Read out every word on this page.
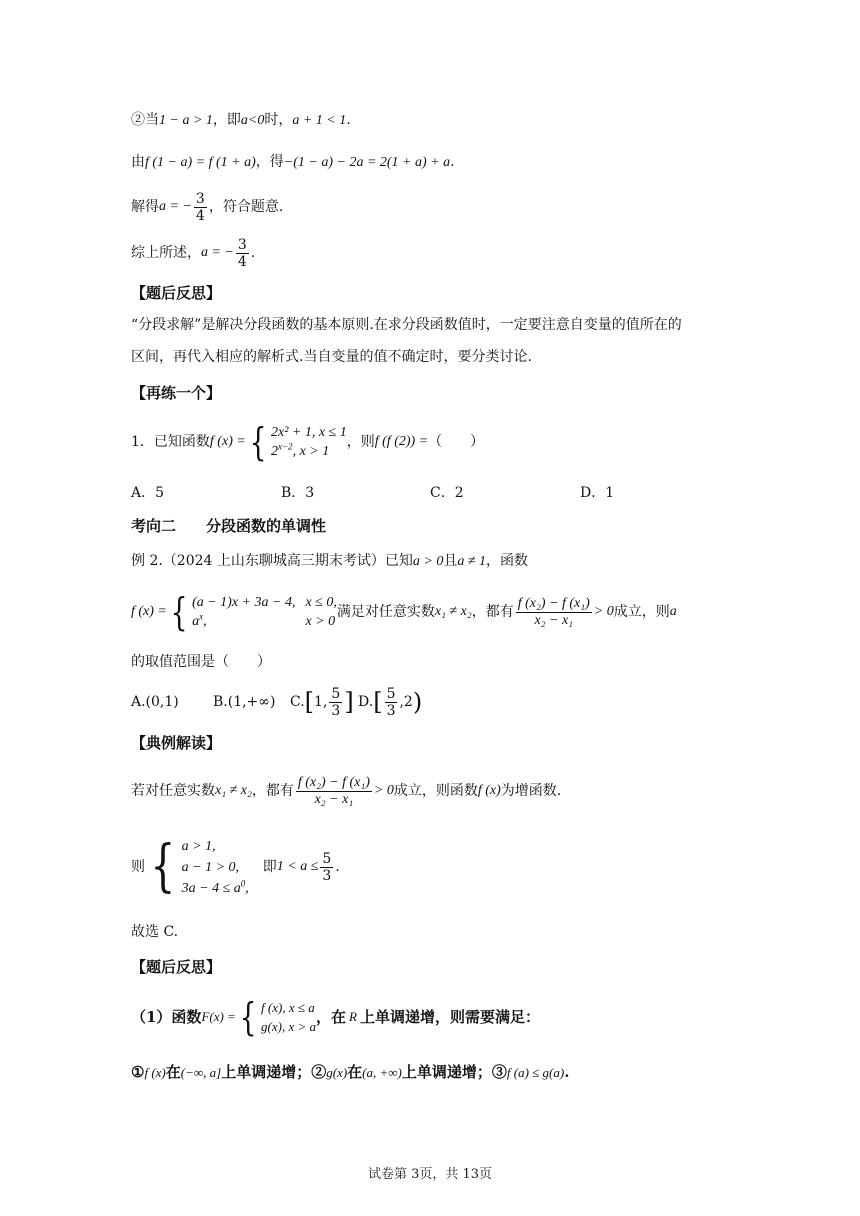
②当1 − a > 1，即a<0时，a + 1 < 1.
由f (1 − a) = f (1 + a)，得−(1 − a) − 2a = 2(1 + a) + a.
解得 a = − $\frac{3}{4}$ ，符合题意.
综上所述， a = − $\frac{3}{4}$ .
【题后反思】
“分段求解”是解决分段函数的基本原则.在求分段函数值时，一定要注意自变量的值所在的
区间，再代入相应的解析式.当自变量的值不确定时，要分类讨论.
【再练一个】
1．已知函数 f (x) = { 2x² + 1, x ≤ 1
$2^{x-2}$, x > 1
，则 f (f (2)) = （　　）
A．5	B．3	C．2	D．1
考向二　　分段函数的单调性
例 2.（2024 上山东聊城高三期末考试）已知a > 0且a ≠ 1，函数
f (x) = { (a − 1)x + 3a − 4, x ≤ 0,
$a^x$,	x > 0
满足对任意实数 x₁ ≠ x₂ ，都有 $\frac{\text{f (x₂) − f (x₁)}}{\text{x₂ − x₁}} > 0$ 成立，则 a
的取值范围是（　　）
A.(0,1) B.(1,+∞) C. [ 1, $\frac{5}{3}$ ] D. [ $\frac{5}{3} ,2$ )
【典例解读】
若对任意实数 x₁ ≠ x₂ ，都有 $\frac{\text{f (x₂) − f (x₁)}}{\text{x₂ − x₁}} > 0$ 成立，则函数 f (x) 为增函数.
则 { a > 1,
a − 1 > 0,
$3a - 4 \le a^0$,
即 $1 < a \le \frac{5}{3}$ .
故选 C.
【题后反思】
（1）函数 F(x) = { f (x), x ≤ a
g(x), x > a
，在 R 上单调递增，则需要满足：
①f (x)在(−∞, a]上单调递增；②g(x)在(a, +∞)上单调递增；③f (a) ≤ g(a).
试卷第 3页，共 13页
